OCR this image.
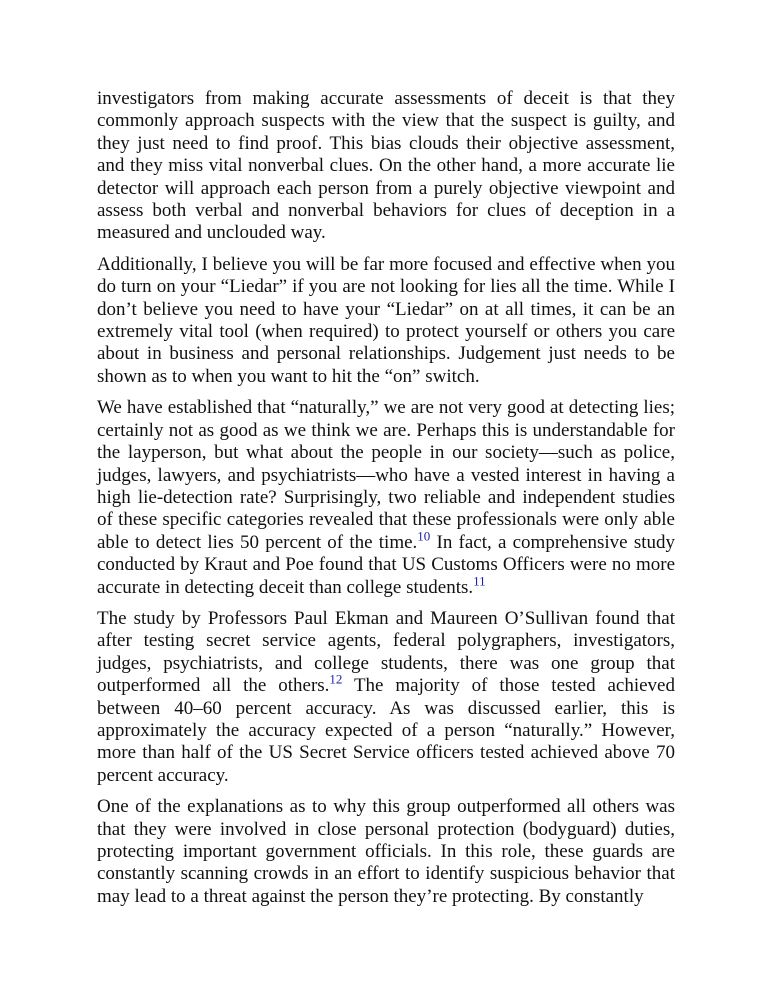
investigators from making accurate assessments of deceit is that they commonly approach suspects with the view that the suspect is guilty, and they just need to find proof. This bias clouds their objective assessment, and they miss vital nonverbal clues. On the other hand, a more accurate lie detector will approach each person from a purely objective viewpoint and assess both verbal and nonverbal behaviors for clues of deception in a measured and unclouded way.

Additionally, I believe you will be far more focused and effective when you do turn on your “Liedar” if you are not looking for lies all the time. While I don’t believe you need to have your “Liedar” on at all times, it can be an extremely vital tool (when required) to protect yourself or others you care about in business and personal relationships. Judgement just needs to be shown as to when you want to hit the “on” switch.

We have established that “naturally,” we are not very good at detecting lies; certainly not as good as we think we are. Perhaps this is understandable for the layperson, but what about the people in our society—such as police, judges, lawyers, and psychiatrists—who have a vested interest in having a high lie-detection rate? Surprisingly, two reliable and independent studies of these specific categories revealed that these professionals were only able able to detect lies 50 percent of the time.$^{10}$ In fact, a comprehensive study conducted by Kraut and Poe found that US Customs Officers were no more accurate in detecting deceit than college students.$^{11}$

The study by Professors Paul Ekman and Maureen O’Sullivan found that after testing secret service agents, federal polygraphers, investigators, judges, psychiatrists, and college students, there was one group that outperformed all the others.$^{12}$ The majority of those tested achieved between 40–60 percent accuracy. As was discussed earlier, this is approximately the accuracy expected of a person “naturally.” However, more than half of the US Secret Service officers tested achieved above 70 percent accuracy.

One of the explanations as to why this group outperformed all others was that they were involved in close personal protection (bodyguard) duties, protecting important government officials. In this role, these guards are constantly scanning crowds in an effort to identify suspicious behavior that may lead to a threat against the person they’re protecting. By constantly
